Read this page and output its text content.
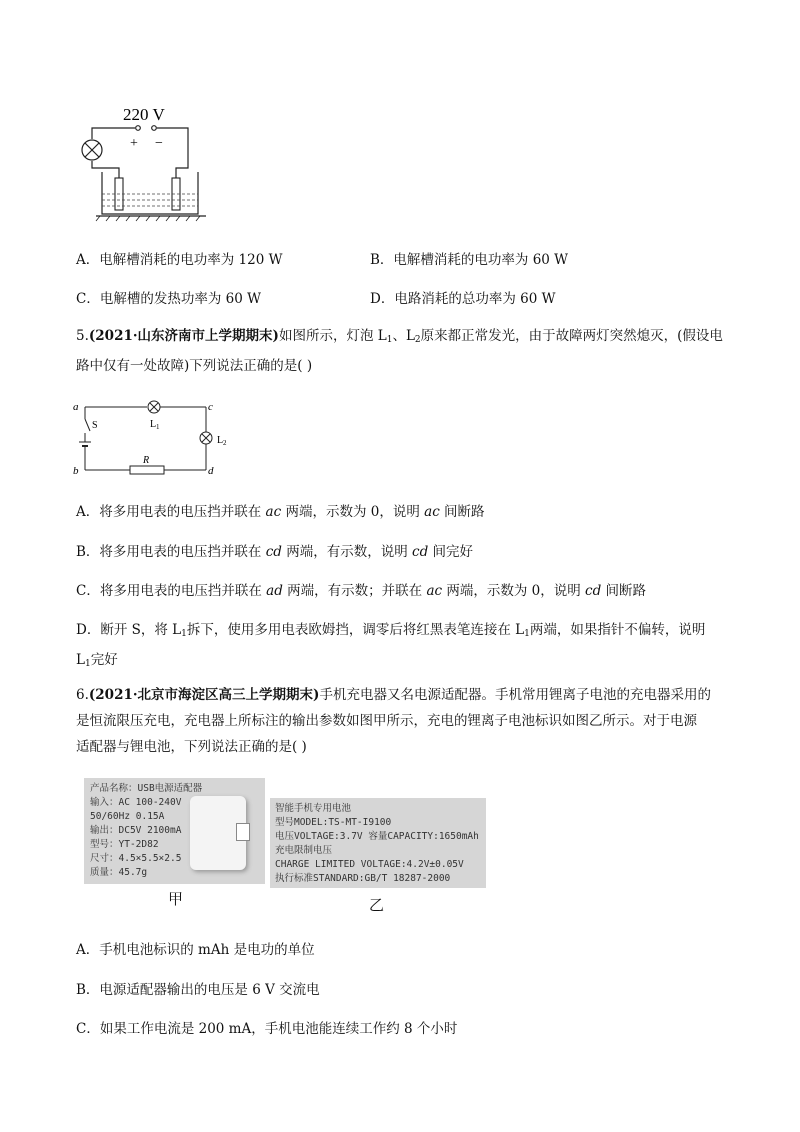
220 V
+ −
A．电解槽消耗的电功率为 120 W	B．电解槽消耗的电功率为 60 W
C．电解槽的发热功率为 60 W	D．电路消耗的总功率为 60 W
5.(2021·山东济南市上学期期末)如图所示，灯泡 $L_1$、$L_2$原来都正常发光，由于故障两灯突然熄灭，(假设电
路中仅有一处故障)下列说法正确的是( )
a
b
c
d
L 1
L 2
R
S
A．将多用电表的电压挡并联在 ac 两端，示数为 0，说明 ac 间断路
B．将多用电表的电压挡并联在 cd 两端，有示数，说明 cd 间完好
C．将多用电表的电压挡并联在 ad 两端，有示数；并联在 ac 两端，示数为 0，说明 cd 间断路
D．断开 S，将 $L_1$拆下，使用多用电表欧姆挡，调零后将红黑表笔连接在 $L_1$两端，如果指针不偏转，说明
$L_1$完好
6.(2021·北京市海淀区高三上学期期末)手机充电器又名电源适配器。手机常用锂离子电池的充电器采用的
是恒流限压充电，充电器上所标注的输出参数如图甲所示，充电的锂离子电池标识如图乙所示。对于电源
适配器与锂电池，下列说法正确的是( )
产品名称：USB电源适配器
输入：AC 100-240V
50/60Hz 0.15A
输出：DC5V 2100mA
型号：YT-2D82
尺寸：4.5×5.5×2.5
质量：45.7g
甲
智能手机专用电池
型号MODEL:TS-MT-I9100
电压VOLTAGE:3.7V 容量CAPACITY:1650mAh
充电限制电压
CHARGE LIMITED VOLTAGE:4.2V±0.05V
执行标准STANDARD:GB/T 18287-2000
乙
A．手机电池标识的 mAh 是电功的单位
B．电源适配器输出的电压是 6 V 交流电
C．如果工作电流是 200 mA，手机电池能连续工作约 8 个小时
